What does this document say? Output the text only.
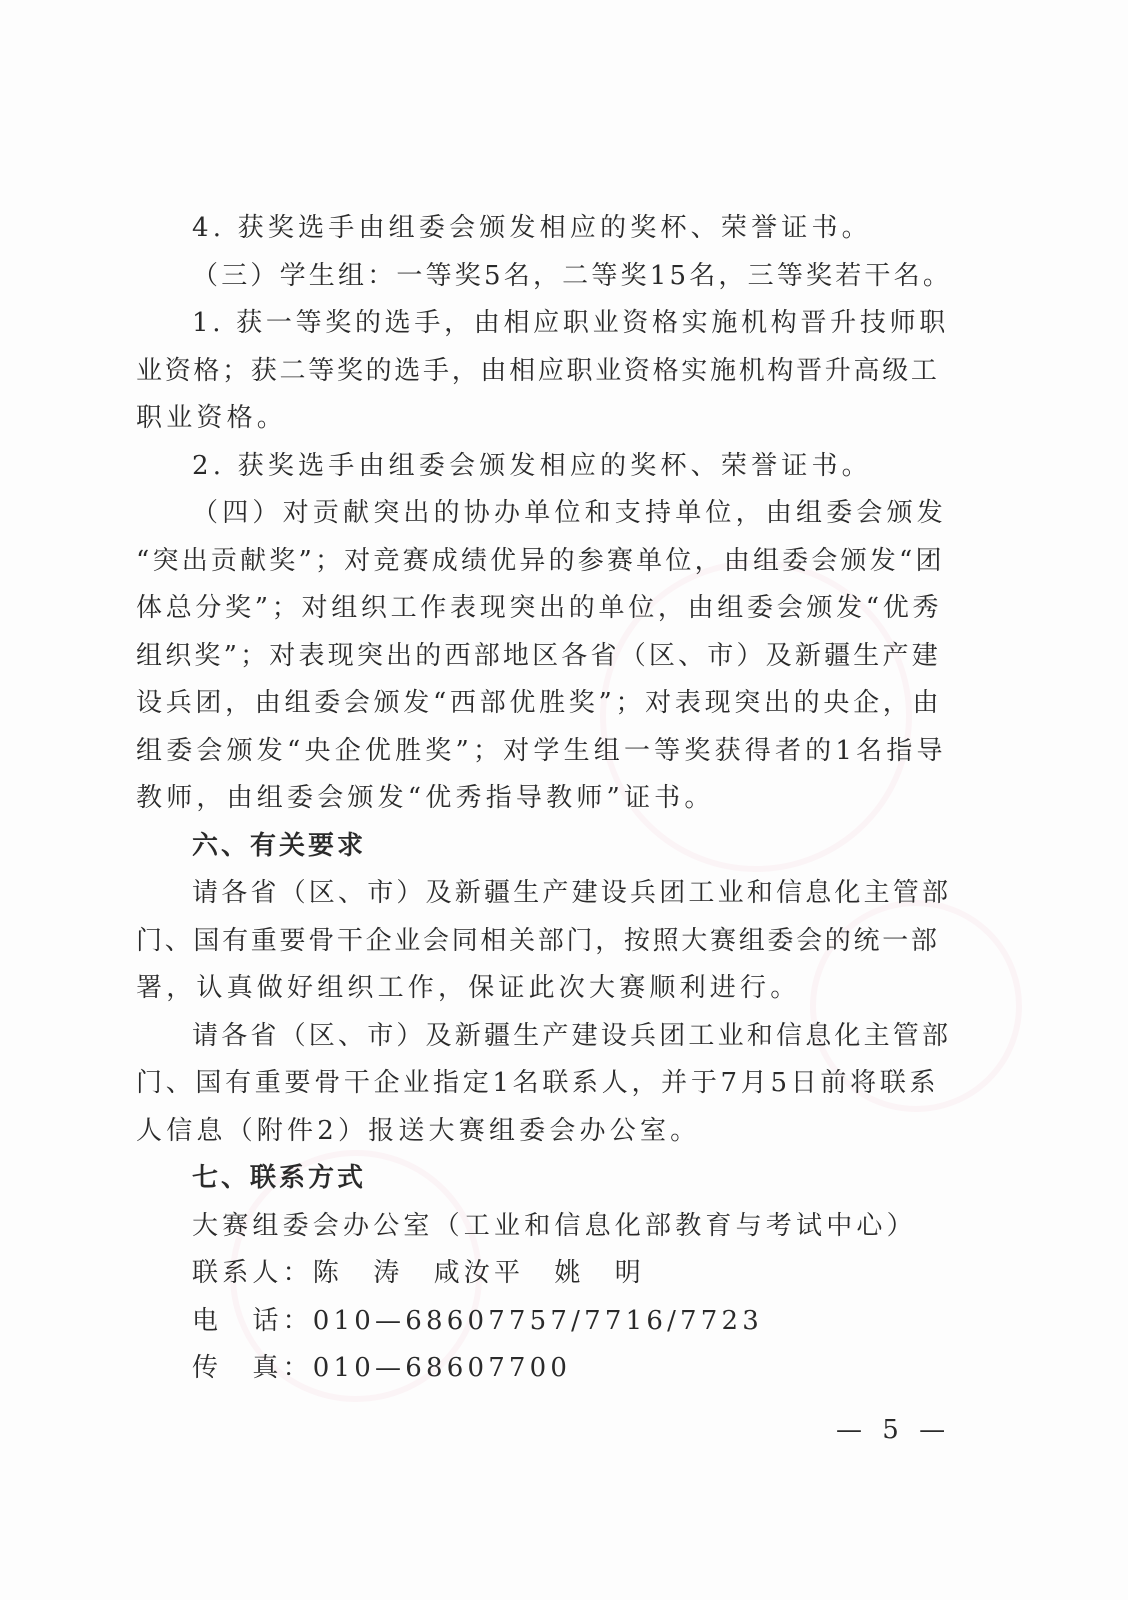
4. 获奖选手由组委会颁发相应的奖杯、荣誉证书。
（三）学生组：一等奖5名，二等奖15名，三等奖若干名。
1. 获一等奖的选手，由相应职业资格实施机构晋升技师职
业资格；获二等奖的选手，由相应职业资格实施机构晋升高级工
职业资格。
2. 获奖选手由组委会颁发相应的奖杯、荣誉证书。
（四）对贡献突出的协办单位和支持单位，由组委会颁发
“突出贡献奖”；对竞赛成绩优异的参赛单位，由组委会颁发“团
体总分奖”；对组织工作表现突出的单位，由组委会颁发“优秀
组织奖”；对表现突出的西部地区各省（区、市）及新疆生产建
设兵团，由组委会颁发“西部优胜奖”；对表现突出的央企，由
组委会颁发“央企优胜奖”；对学生组一等奖获得者的1名指导
教师，由组委会颁发“优秀指导教师”证书。
六、有关要求
请各省（区、市）及新疆生产建设兵团工业和信息化主管部
门、国有重要骨干企业会同相关部门，按照大赛组委会的统一部
署，认真做好组织工作，保证此次大赛顺利进行。
请各省（区、市）及新疆生产建设兵团工业和信息化主管部
门、国有重要骨干企业指定1名联系人，并于7月5日前将联系
人信息（附件2）报送大赛组委会办公室。
七、联系方式
大赛组委会办公室（工业和信息化部教育与考试中心）
联系人：陈　涛　咸汝平　姚　明
电　话：010—68607757/7716/7723
传　真：010—68607700
— 5 —
